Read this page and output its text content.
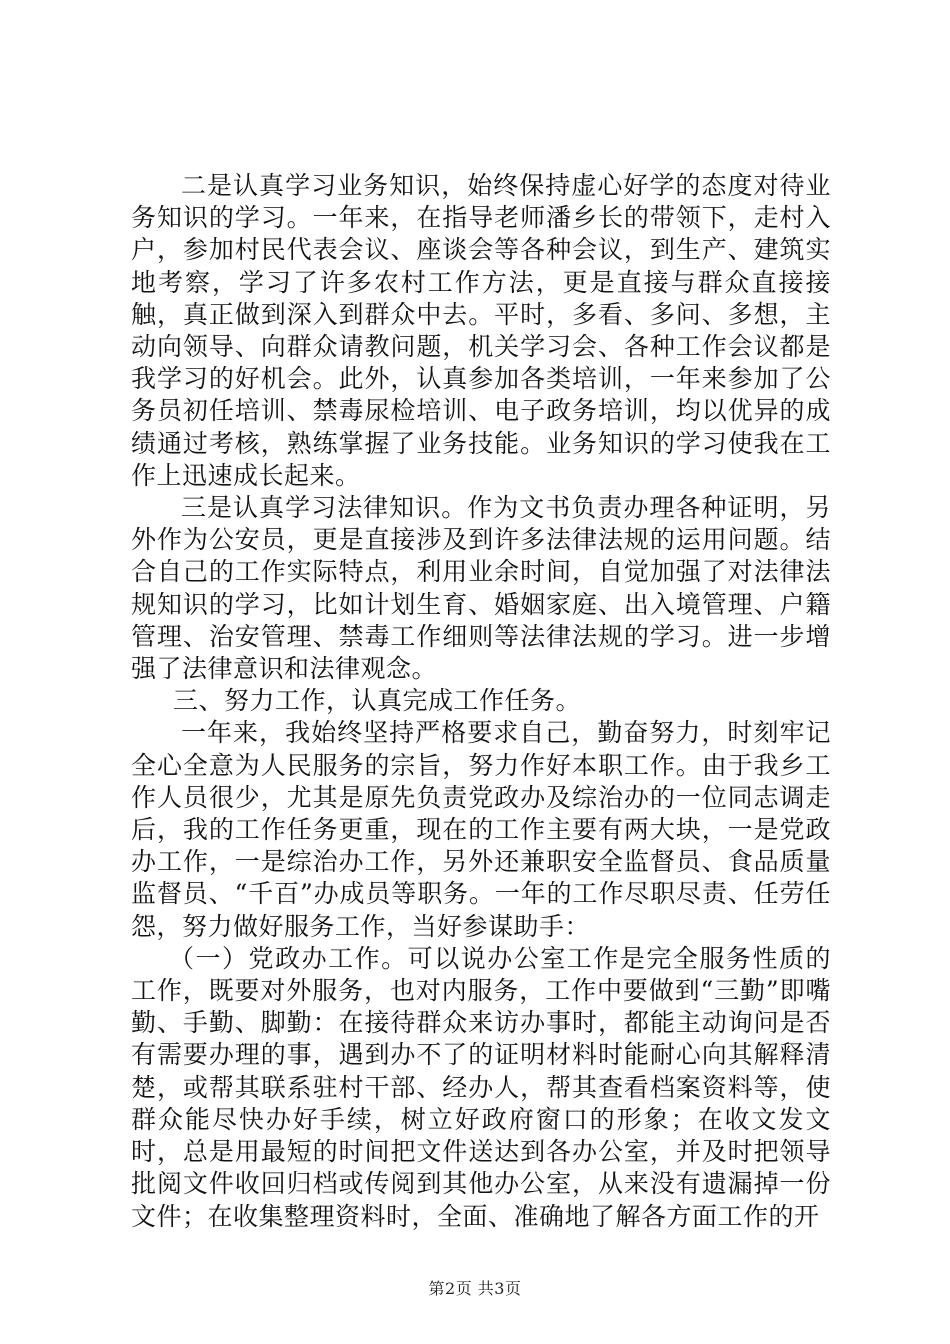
二是认真学习业务知识，始终保持虚心好学的态度对待业务知识的学习。一年来，在指导老师潘乡长的带领下，走村入户，参加村民代表会议、座谈会等各种会议，到生产、建筑实地考察，学习了许多农村工作方法，更是直接与群众直接接触，真正做到深入到群众中去。平时，多看、多问、多想，主动向领导、向群众请教问题，机关学习会、各种工作会议都是我学习的好机会。此外，认真参加各类培训，一年来参加了公务员初任培训、禁毒尿检培训、电子政务培训，均以优异的成绩通过考核，熟练掌握了业务技能。业务知识的学习使我在工作上迅速成长起来。

三是认真学习法律知识。作为文书负责办理各种证明，另外作为公安员，更是直接涉及到许多法律法规的运用问题。结合自己的工作实际特点，利用业余时间，自觉加强了对法律法规知识的学习，比如计划生育、婚姻家庭、出入境管理、户籍管理、治安管理、禁毒工作细则等法律法规的学习。进一步增强了法律意识和法律观念。

三、努力工作，认真完成工作任务。

一年来，我始终坚持严格要求自己，勤奋努力，时刻牢记全心全意为人民服务的宗旨，努力作好本职工作。由于我乡工作人员很少，尤其是原先负责党政办及综治办的一位同志调走后，我的工作任务更重，现在的工作主要有两大块，一是党政办工作，一是综治办工作，另外还兼职安全监督员、食品质量监督员、“千百”办成员等职务。一年的工作尽职尽责、任劳任怨，努力做好服务工作，当好参谋助手：

（一）党政办工作。可以说办公室工作是完全服务性质的工作，既要对外服务，也对内服务，工作中要做到“三勤”即嘴勤、手勤、脚勤：在接待群众来访办事时，都能主动询问是否有需要办理的事，遇到办不了的证明材料时能耐心向其解释清楚，或帮其联系驻村干部、经办人，帮其查看档案资料等，使群众能尽快办好手续，树立好政府窗口的形象；在收文发文时，总是用最短的时间把文件送达到各办公室，并及时把领导批阅文件收回归档或传阅到其他办公室，从来没有遗漏掉一份文件；在收集整理资料时，全面、准确地了解各方面工作的开

第2页 共3页
